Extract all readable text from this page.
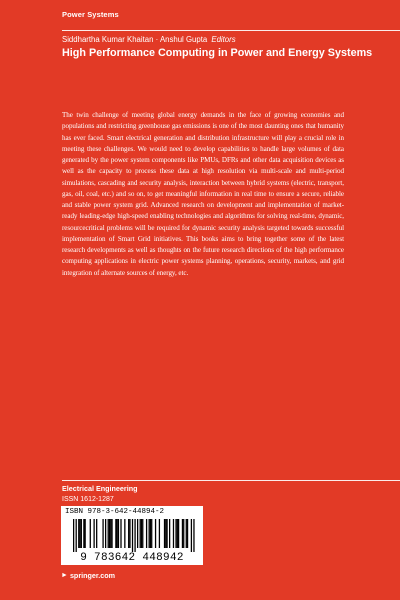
Power Systems
Siddhartha Kumar Khaitan · Anshul Gupta Editors
High Performance Computing in Power and Energy Systems
The twin challenge of meeting global energy demands in the face of growing economies and populations and restricting greenhouse gas emissions is one of the most daunting ones that humanity has ever faced. Smart electrical generation and distribution infrastructure will play a crucial role in meeting these challenges. We would need to develop capabilities to handle large volumes of data generated by the power system components like PMUs, DFRs and other data acquisition devices as well as the capacity to process these data at high resolution via multi-scale and multi-period simulations, cascading and security analysis, interaction between hybrid systems (electric, transport, gas, oil, coal, etc.) and so on, to get meaningful information in real time to ensure a secure, reliable and stable power system grid. Advanced research on development and implementation of market-ready leading-edge high-speed enabling technologies and algorithms for solving real-time, dynamic, resourcecritical problems will be required for dynamic security analysis targeted towards successful implementation of Smart Grid initiatives. This books aims to bring together some of the latest research developments as well as thoughts on the future research directions of the high performance computing applications in electric power systems planning, operations, security, markets, and grid integration of alternate sources of energy, etc.
Electrical Engineering
ISSN 1612-1287
ISBN 978-3-642-44894-2
9 783642 448942
► springer.com
